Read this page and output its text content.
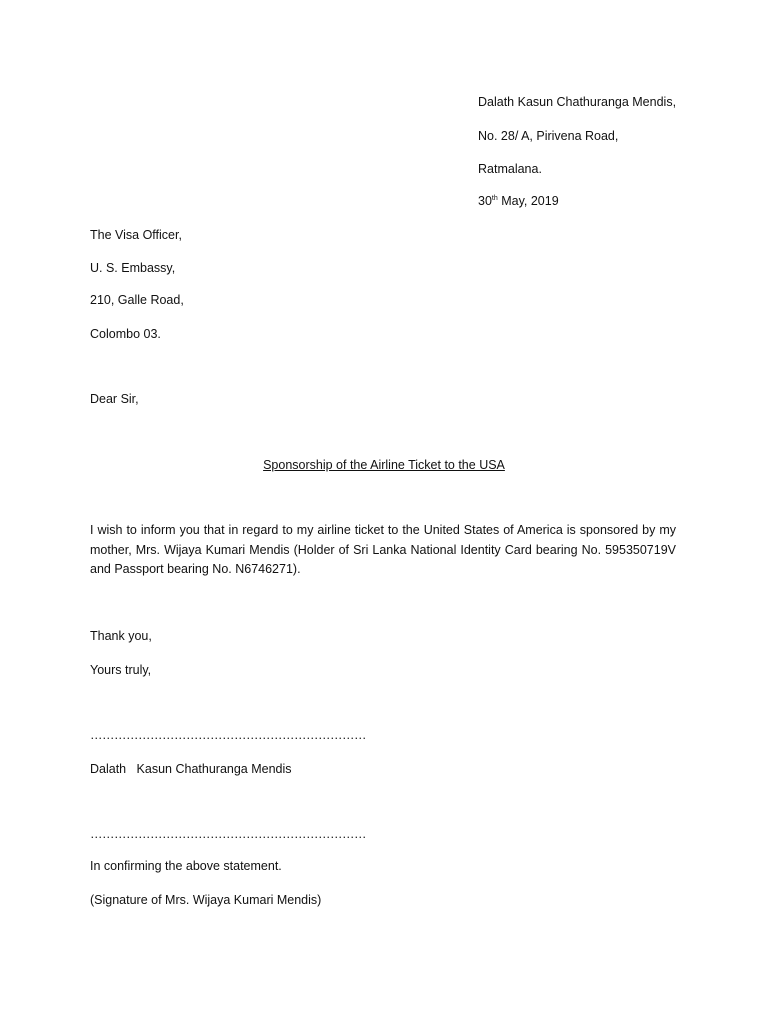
Dalath Kasun Chathuranga Mendis,

No. 28/ A, Pirivena Road,

Ratmalana.

30th May, 2019

The Visa Officer,

U. S. Embassy,

210, Galle Road,

Colombo 03.

Dear Sir,

Sponsorship of the Airline Ticket to the USA

I wish to inform you that in regard to my airline ticket to the United States of America is sponsored by my mother, Mrs. Wijaya Kumari Mendis (Holder of Sri Lanka National Identity Card bearing No. 595350719V and Passport bearing No. N6746271).

Thank you,

Yours truly,

……………………………………………………………

Dalath   Kasun Chathuranga Mendis

……………………………………………………………

In confirming the above statement.

(Signature of Mrs. Wijaya Kumari Mendis)
